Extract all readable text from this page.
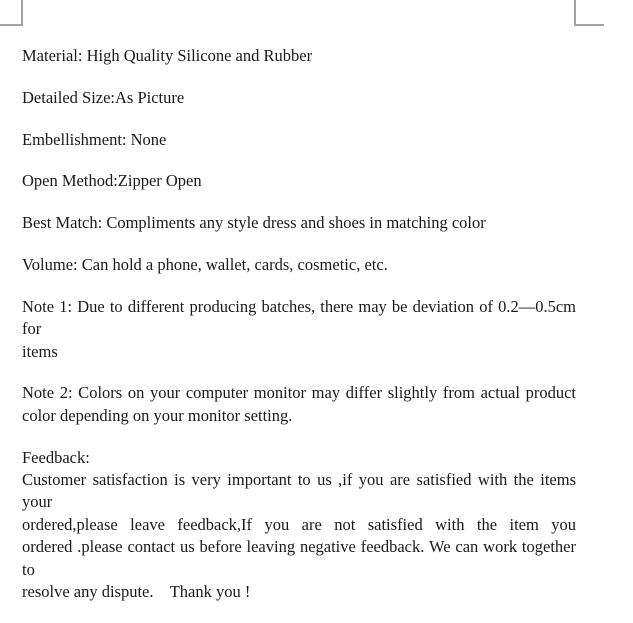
Material: High Quality Silicone and Rubber
Detailed Size:As Picture
Embellishment: None
Open Method:Zipper Open
Best Match: Compliments any style dress and shoes in matching color
Volume: Can hold a phone, wallet, cards, cosmetic, etc.
Note 1: Due to different producing batches, there may be deviation of 0.2—0.5cm for
items
Note 2: Colors on your computer monitor may differ slightly from actual product
color depending on your monitor setting.
Feedback:
Customer satisfaction is very important to us ,if you are satisfied with the items your
ordered,please leave feedback,If you are not satisfied with the item you
ordered .please contact us before leaving negative feedback. We can work together to
resolve any dispute.    Thank you !
